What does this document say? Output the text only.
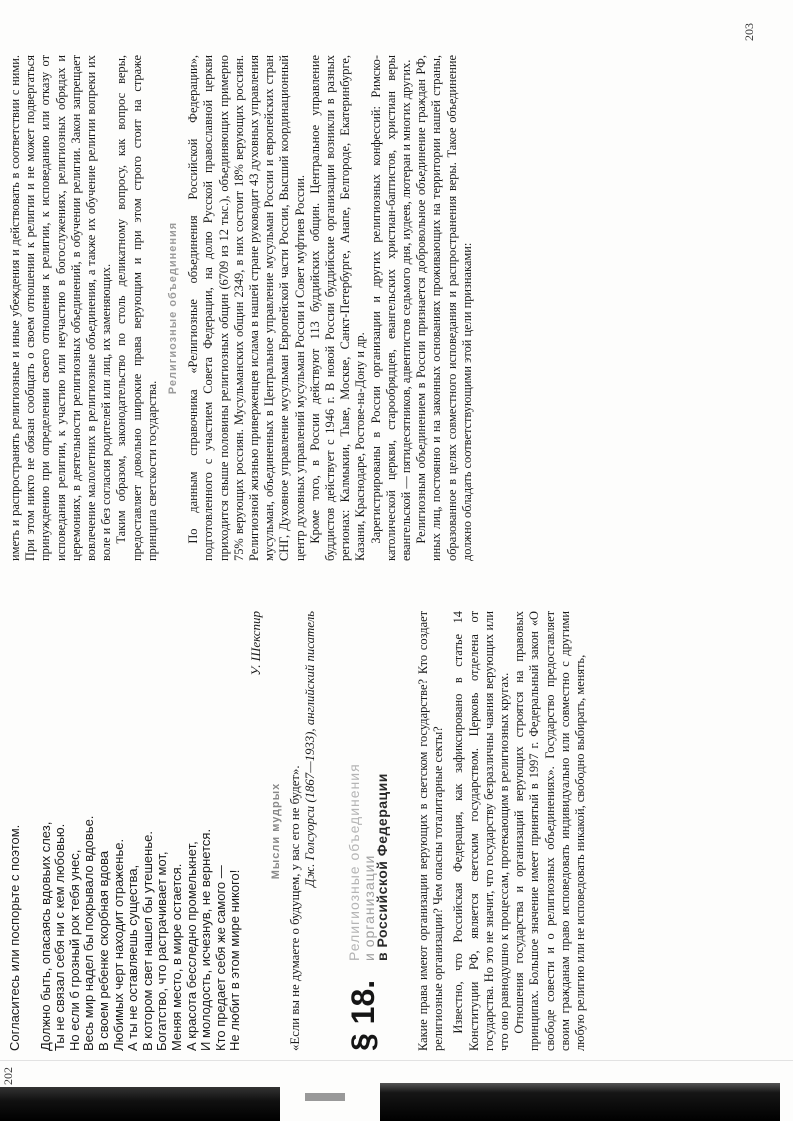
202
203

Согласитесь или поспорьте с поэтом. Должно быть, опасаясь вдовьих слез, Ты не связал себя ни с кем любовью. Но если б грозный рок тебя унес, Весь мир надел бы покрывало вдовье. В своем ребенке скорбная вдова Любимых черт находит отраженье. А ты не оставляешь существа, В котором свет нашел бы утешенье. Богатство, что растрачивает мот, Меняя место, в мире остается. А красота бесследно промелькнет, И молодость, исчезнув, не вернется. Кто предает себя же самого — Не любит в этом мире никого!
У. Шекспир
Мысли мудрых «Если вы не думаете о будущем, у вас его не будет».
Дж. Голсуорси (1867—1933), английский писатель
§ 18.
Религиозные объединения и организации
в Российской Федерации Какие права имеют организации верующих в светском государстве? Кто создает религиозные организации? Чем опасны тоталитарные секты? Известно, что Российская Федерация, как зафиксировано в статье 14 Конституции РФ, является светским государством. Церковь отделена от государства. Но это не значит, что государству безразличны чаяния верующих или что оно равнодушно к процессам, протекающим в религиозных кругах. Отношения государства и организаций верующих строятся на правовых принципах. Большое значение имеет принятый в 1997 г. Федеральный закон «О свободе совести и о религиозных объединениях». Государство предоставляет своим гражданам право исповедовать индивидуально или совместно с другими любую религию или не исповедовать никакой, свободно выбирать, менять,

иметь и распространять религиозные и иные убеждения и действовать в соответствии с ними. При этом никто не обязан сообщать о своем отношении к религии и не может подвергаться принуждению при определении своего отношения к религии, к исповеданию или отказу от исповедания религии, к участию или неучастию в богослужениях, религиозных обрядах и церемониях, в деятельности религиозных объединений, в обучении религии. Закон запрещает вовлечение малолетних в религиозные объединения, а также их обучение религии вопреки их воле и без согласия родителей или лиц, их заменяющих. Таким образом, законодательство по столь деликатному вопросу, как вопрос веры, предоставляет довольно широкие права верующим и при этом строго стоит на страже принципа светскости государства.

Религиозные объединения По данным справочника «Религиозные объединения Российской Федерации», подготовленного с участием Совета Федерации, на долю Русской православной церкви приходится свыше половины религиозных общин (6709 из 12 тыс.), объединяющих примерно 75% верующих россиян. Мусульманских общин 2349, в них состоит 18% верующих россиян. Религиозной жизнью приверженцев ислама в нашей стране руководит 43 духовных управления мусульман, объединенных в Центральное управление мусульман России и европейских стран СНГ, Духовное управление мусульман Европейской части России, Высший координационный центр духовных управлений мусульман России и Совет муфтиев России. Кроме того, в России действуют 113 буддийских общин. Центральное управление буддистов действует с 1946 г. В новой России буддийские организации возникли в разных регионах: Калмыкии, Тыве, Москве, Санкт-Петербурге, Анапе, Белгороде, Екатеринбурге, Казани, Краснодаре, Ростове-на-Дону и др. Зарегистрированы в России организации и других религиозных конфессий: Римско-католической церкви, старообрядцев, евангельских христиан-баптистов, христиан веры евангельской — пятидесятников, адвентистов седьмого дня, иудеев, лютеран и многих других. Религиозным объединением в России признается добровольное объединение граждан РФ, иных лиц, постоянно и на законных основаниях проживающих на территории нашей страны, образованное в целях совместного исповедания и распространения веры. Такое объединение должно обладать соответствующими этой цели признаками:
